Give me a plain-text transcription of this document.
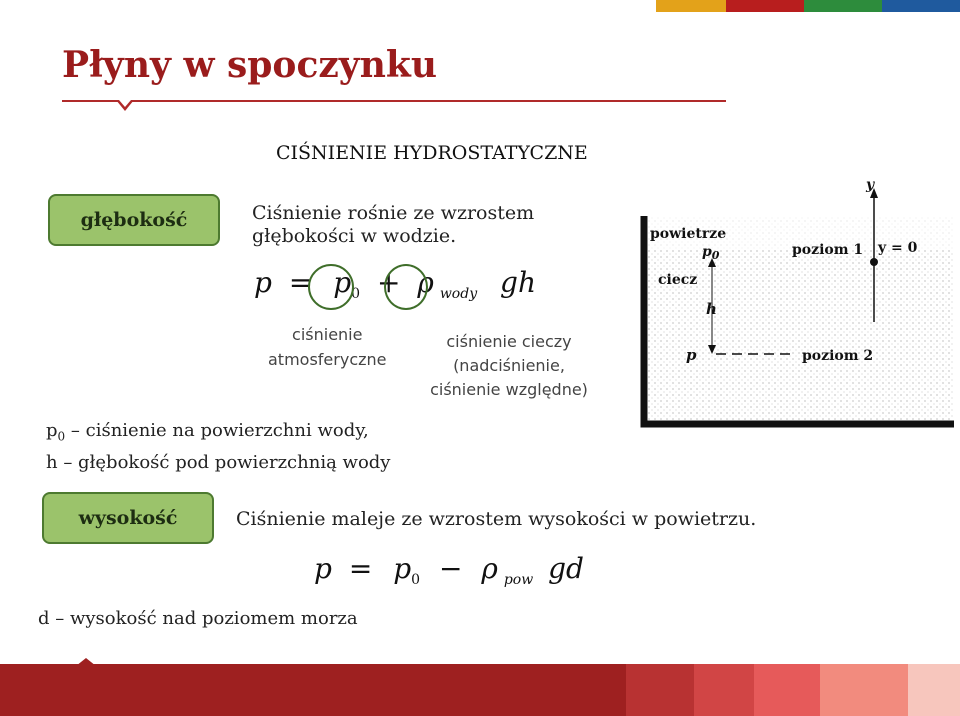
Płyny w spoczynku
CIŚNIENIE HYDROSTATYCZNE
głębokość	Ciśnienie rośnie ze wzrostem
głębokości w wodzie.
$p = p_0 + \rho$ $_{wody}$ gh
ciśnienie
atmosferyczne
ciśnienie cieczy
(nadciśnienie,
ciśnienie względne)
$p_0$ – ciśnienie na powierzchni wody,
h – głębokość pod powierzchnią wody
powietrze
$p_0$
ciecz
h
p
poziom 1
poziom 2
y
y = 0
wysokość	Ciśnienie maleje ze wzrostem wysokości w powietrzu.
$p = p_0 - \rho$ $_{pow}$ gd
d – wysokość nad poziomem morza
